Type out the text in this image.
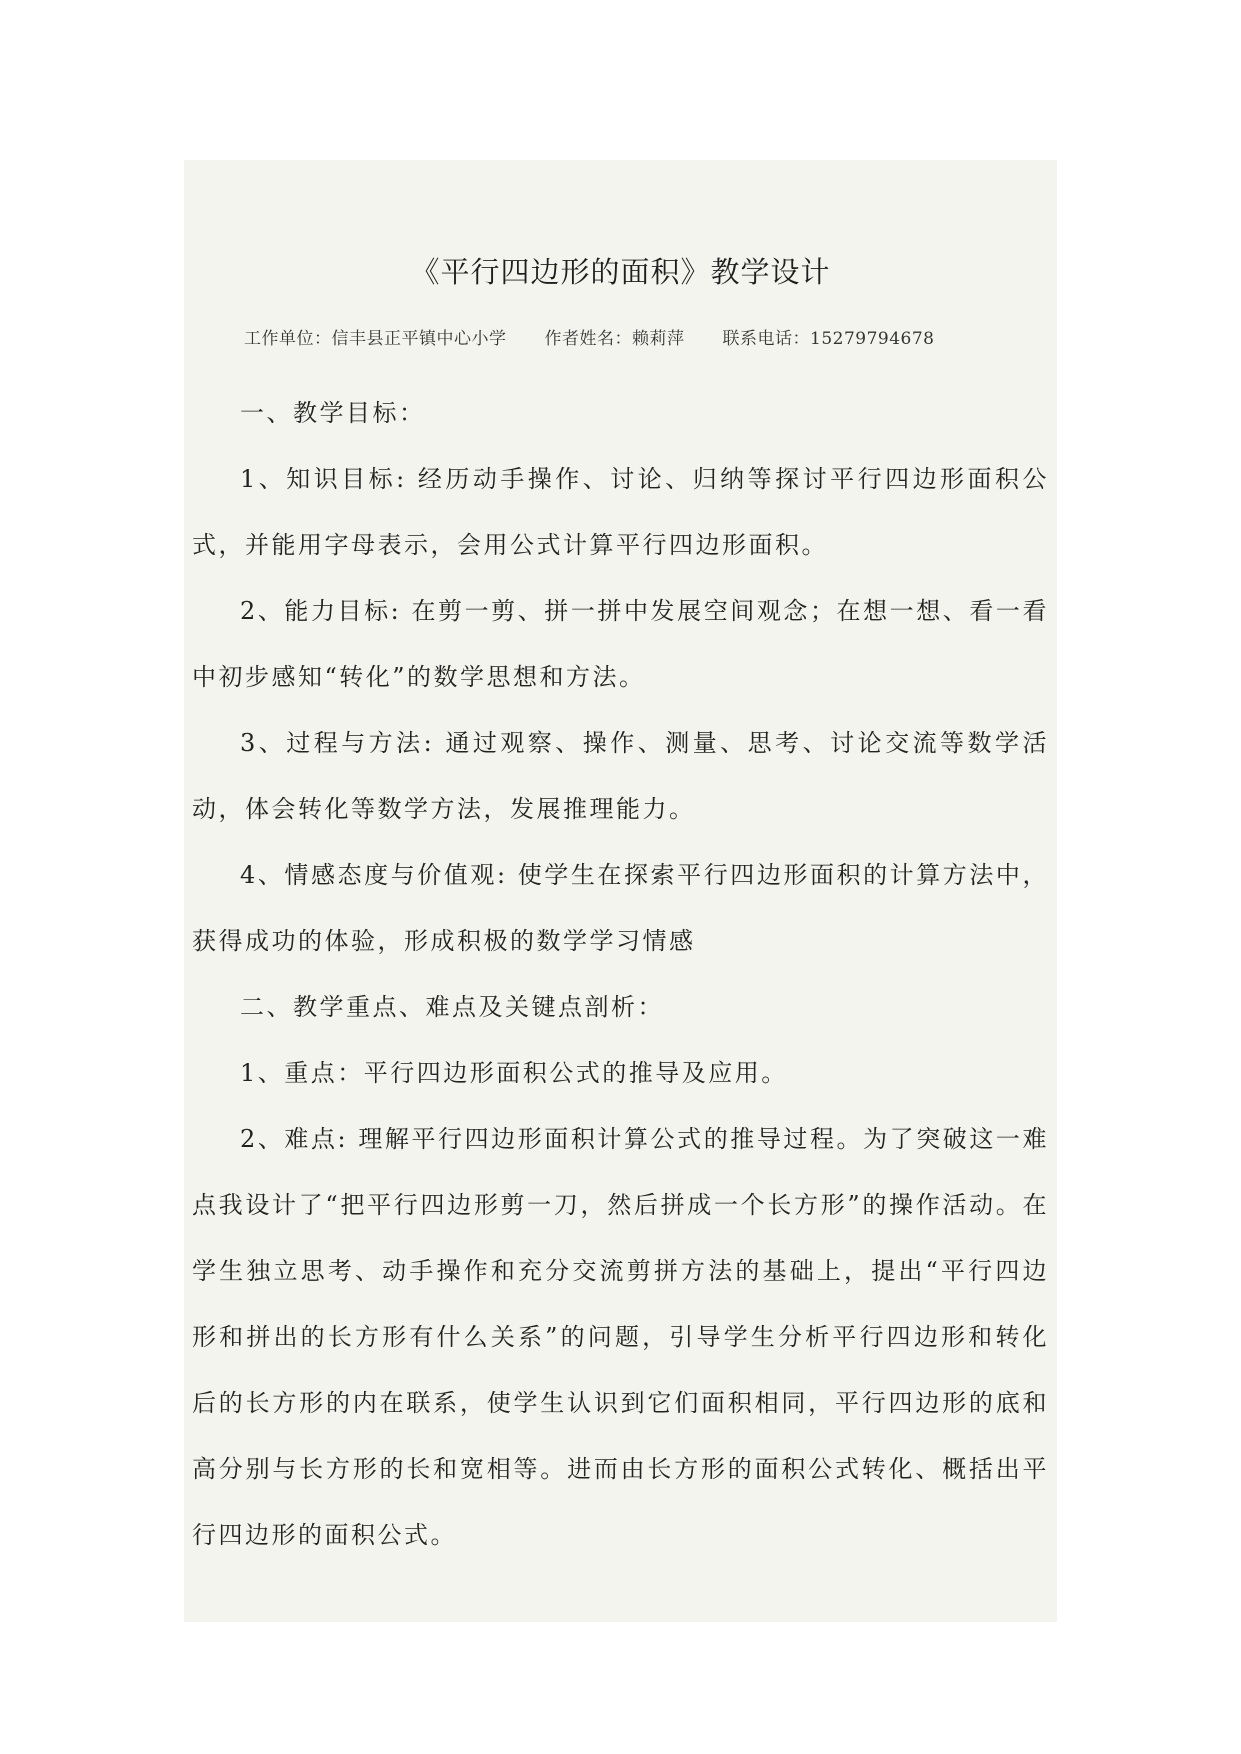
《平行四边形的面积》教学设计
工作单位：信丰县正平镇中心小学 作者姓名：赖莉萍 联系电话：15279794678

一、教学目标：

1、知识目标: 经历动手操作、讨论、归纳等探讨平行四边形面积公式，并能用字母表示，会用公式计算平行四边形面积。

2、能力目标: 在剪一剪、拼一拼中发展空间观念；在想一想、看一看中初步感知“转化”的数学思想和方法。

3、过程与方法: 通过观察、操作、测量、思考、讨论交流等数学活动，体会转化等数学方法，发展推理能力。

4、情感态度与价值观: 使学生在探索平行四边形面积的计算方法中，获得成功的体验，形成积极的数学学习情感

二、教学重点、难点及关键点剖析：

1、重点：平行四边形面积公式的推导及应用。

2、难点: 理解平行四边形面积计算公式的推导过程。为了突破这一难点我设计了“把平行四边形剪一刀，然后拼成一个长方形”的操作活动。在学生独立思考、动手操作和充分交流剪拼方法的基础上，提出“平行四边形和拼出的长方形有什么关系”的问题，引导学生分析平行四边形和转化后的长方形的内在联系，使学生认识到它们面积相同，平行四边形的底和高分别与长方形的长和宽相等。进而由长方形的面积公式转化、概括出平行四边形的面积公式。
